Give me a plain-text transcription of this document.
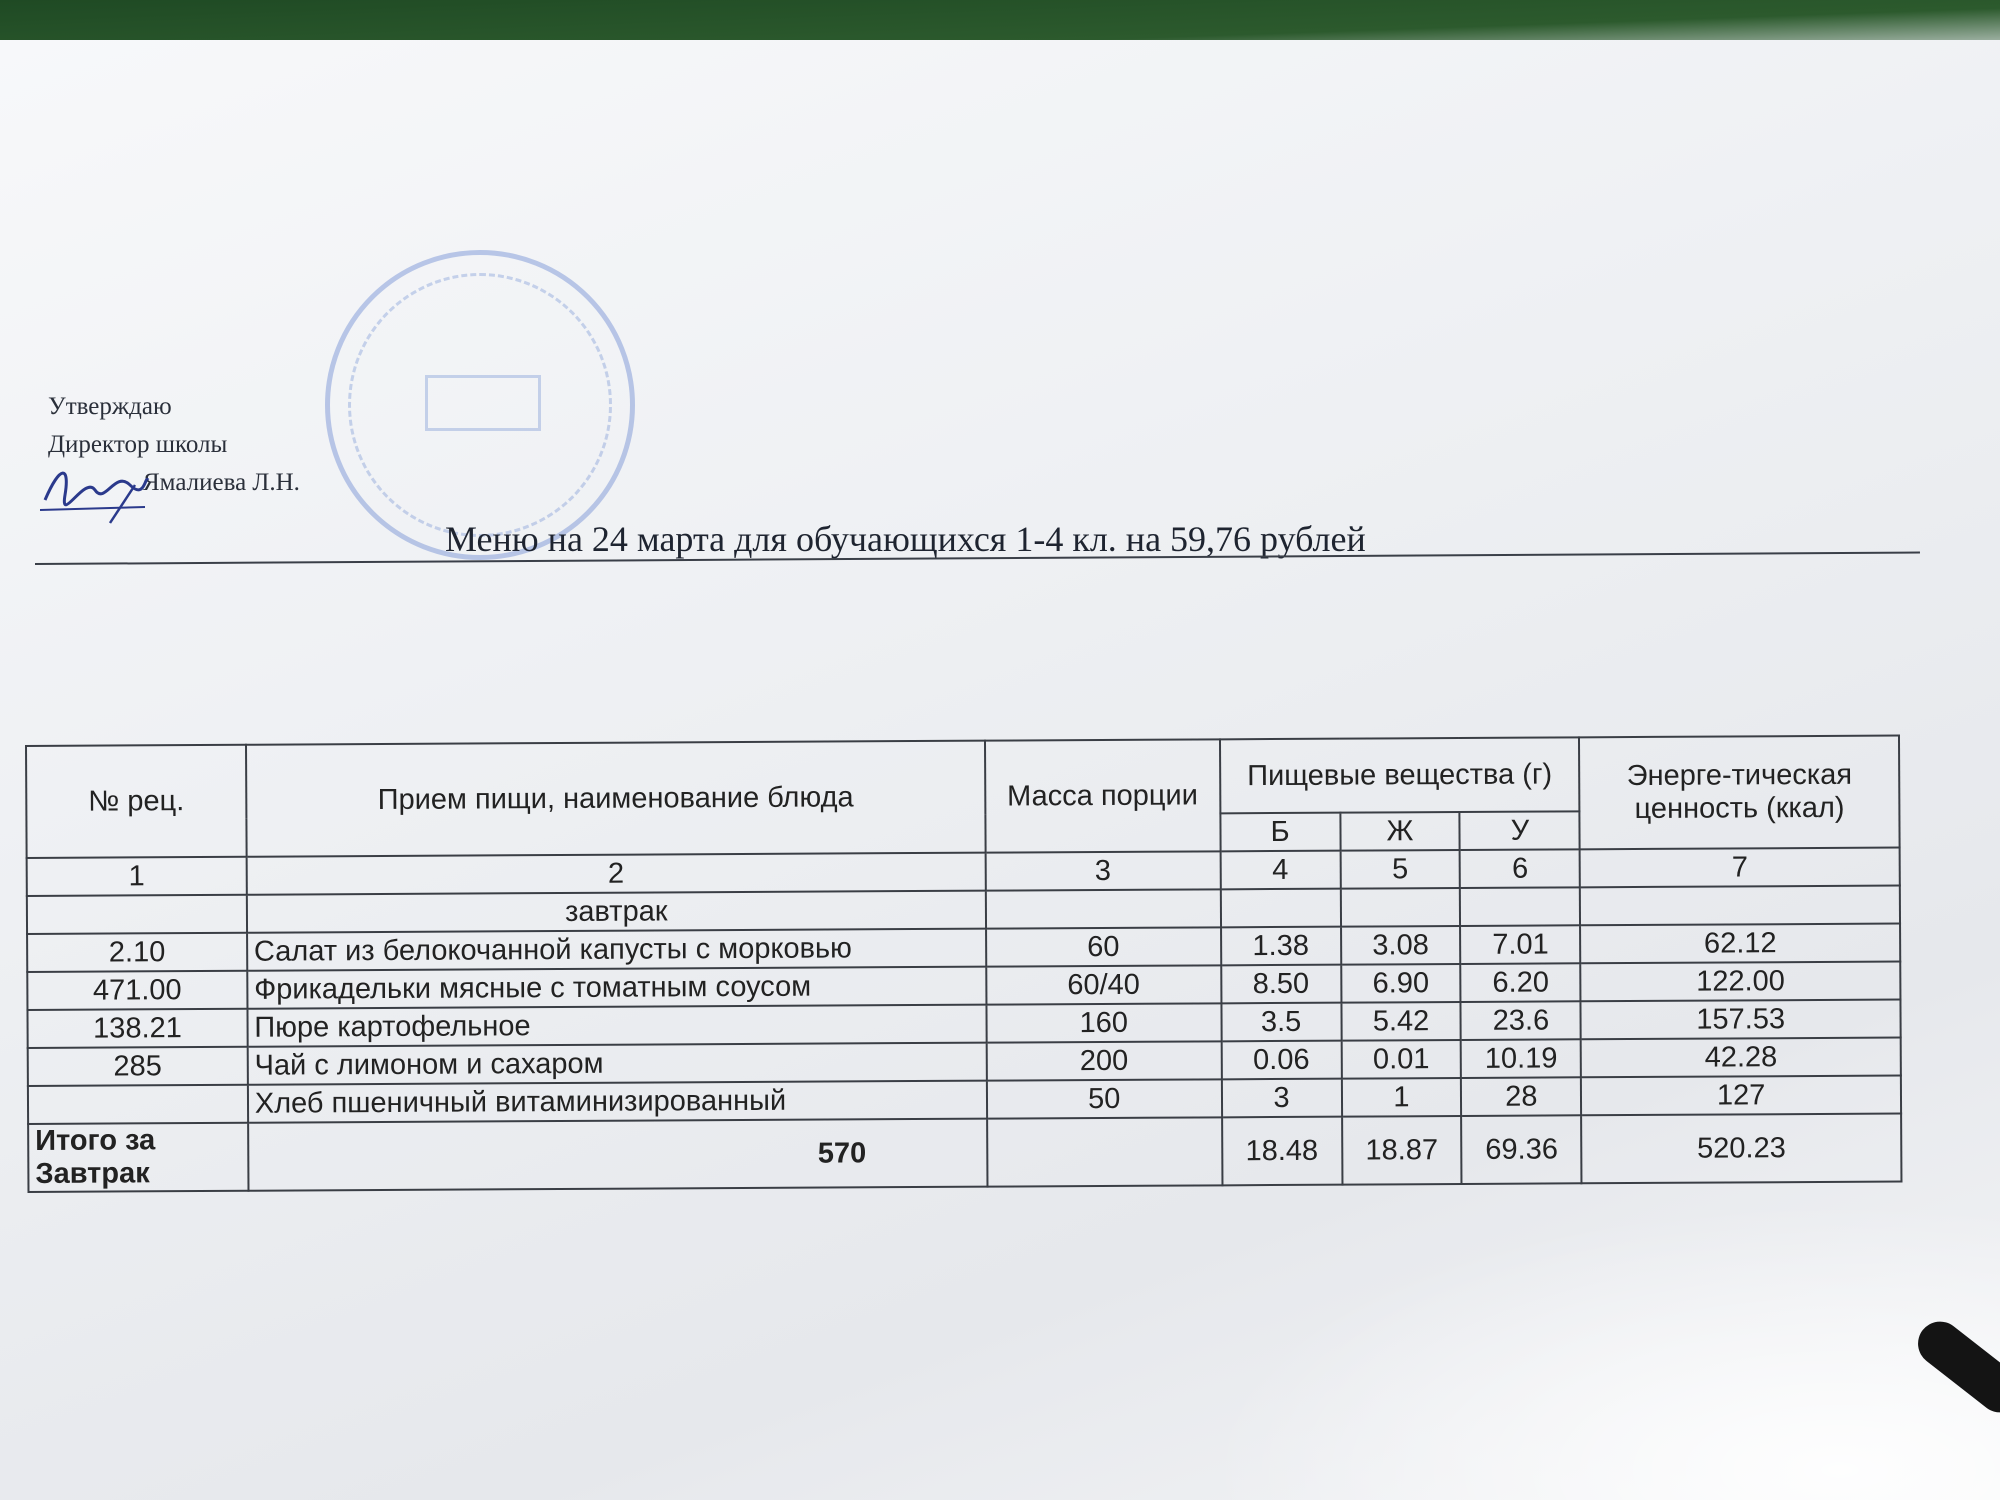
Утверждаю
Директор школы
Ямалиева Л.Н.
Меню на 24 марта для обучающихся 1-4 кл. на 59,76 рублей
№ рец.	Прием пищи, наименование блюда	Масса порции	Пищевые вещества (г)			Энерге-тическая ценность (ккал)
			Б	Ж	У	
1	2	3	4	5	6	7
	завтрак					
2.10	Салат из белокочанной капусты с морковью	60	1.38	3.08	7.01	62.12
471.00	Фрикадельки мясные с томатным соусом	60/40	8.50	6.90	6.20	122.00
138.21	Пюре картофельное	160	3.5	5.42	23.6	157.53
285	Чай с лимоном и сахаром	200	0.06	0.01	10.19	42.28
	Хлеб пшеничный витаминизированный	50	3	1	28	127
Итого за Завтрак	570		18.48	18.87	69.36	520.23
